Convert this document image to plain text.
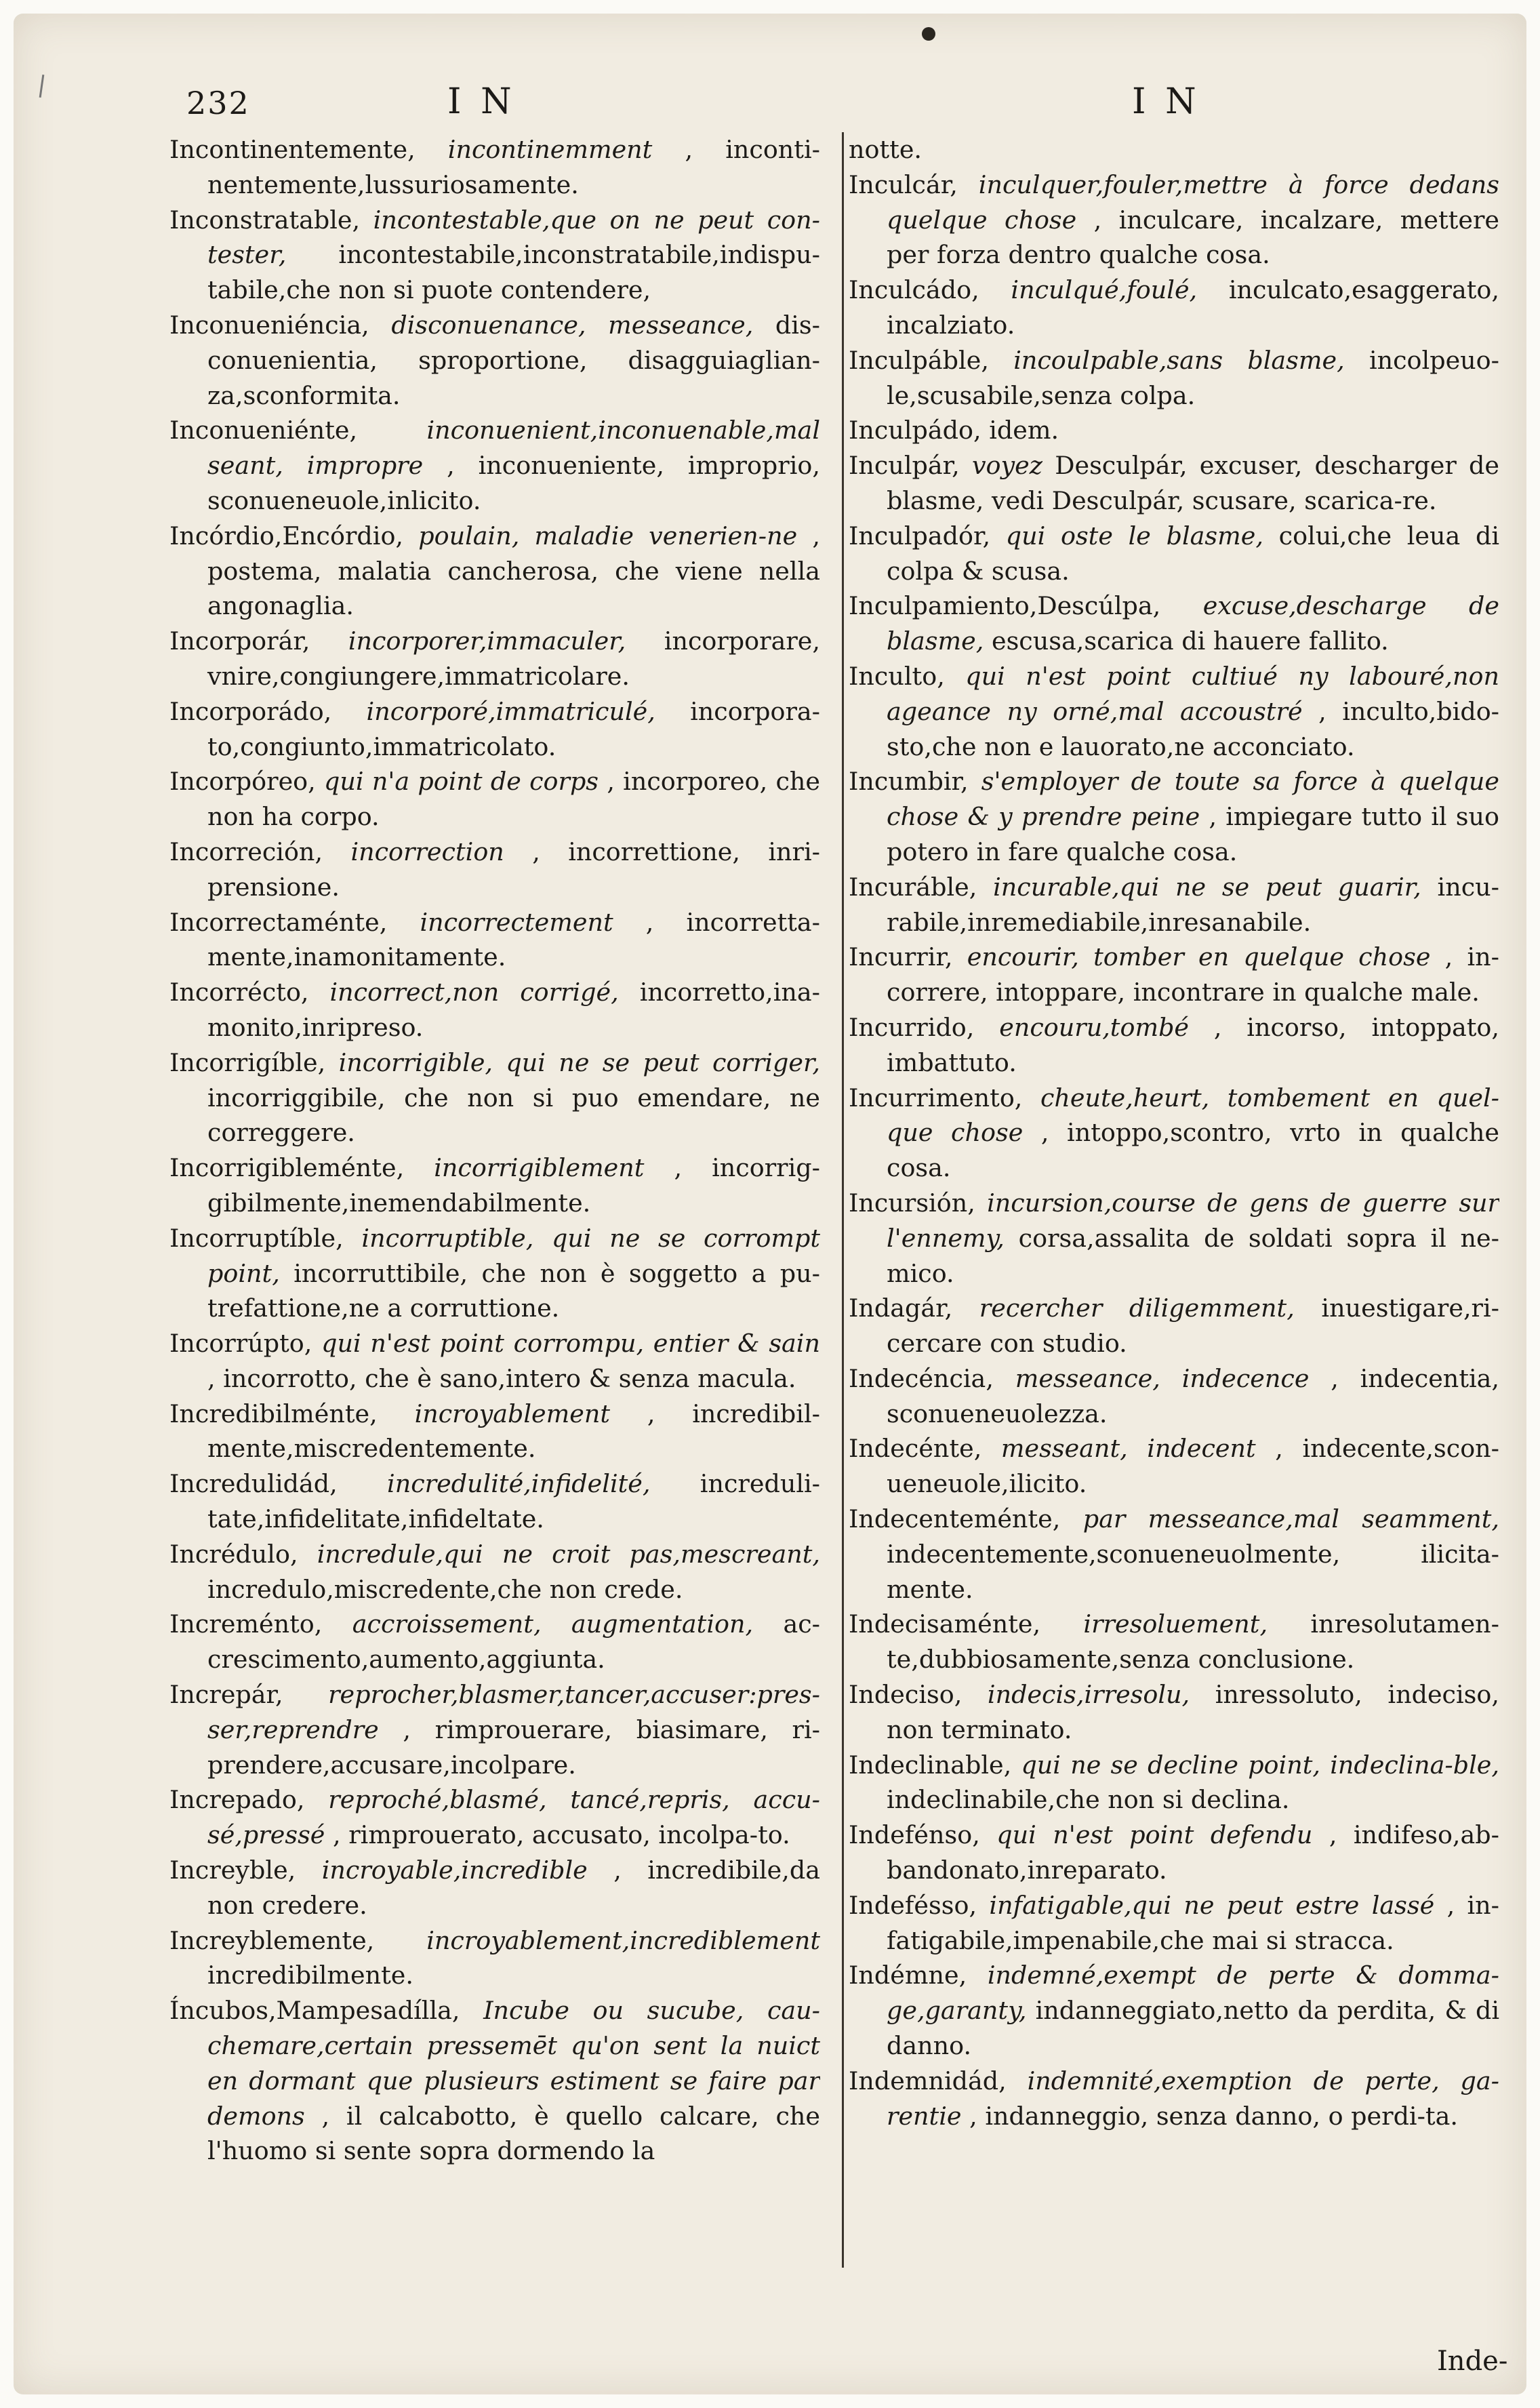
232	I N	I N

Incontinentemente, incontinemment , inconti-nentemente,lussuriosamente.

Inconstratable, incontestable,que on ne peut con-tester, incontestabile,inconstratabile,indispu-tabile,che non si puote contendere,

Inconueniéncia, disconuenance, messeance, dis-conuenientia, sproportione, disagguiaglian-za,sconformita.

Inconueniénte,	inconuenient,inconuenable,mal seant, impropre , inconueniente, improprio, sconueneuole,inlicito.

Incórdio,Encórdio, poulain, maladie venerien-ne , postema, malatia cancherosa, che viene nella angonaglia.

Incorporár, incorporer,immaculer, incorporare, vnire,congiungere,immatricolare.

Incorporádo, incorporé,immatriculé, incorpora-to,congiunto,immatricolato.

Incorpóreo, qui n'a point de corps , incorporeo, che non ha corpo.

Incorreción, incorrection , incorrettione, inri-prensione.

Incorrectaménte, incorrectement , incorretta-mente,inamonitamente.

Incorrécto, incorrect,non corrigé, incorretto,ina-monito,inripreso.

Incorrigíble, incorrigible, qui ne se peut corriger, incorriggibile, che non si puo emendare, ne correggere.

Incorrigibleménte, incorrigiblement , incorrig-gibilmente,inemendabilmente.

Incorruptíble, incorruptible, qui ne se corrompt point, incorruttibile, che non è soggetto a pu-trefattione,ne a corruttione.

Incorrúpto, qui n'est point corrompu, entier & sain , incorrotto, che è sano,intero & senza macula.

Incredibilménte, incroyablement , incredibil-mente,miscredentemente.

Incredulidád, incredulité,infidelité, increduli-tate,infidelitate,infideltate.

Incrédulo, incredule,qui ne croit pas,mescreant, incredulo,miscredente,che non crede.

Increménto, accroissement, augmentation, ac-crescimento,aumento,aggiunta.

Increpár, reprocher,blasmer,tancer,accuser:pres-ser,reprendre , rimprouerare, biasimare, ri-prendere,accusare,incolpare.

Increpado, reproché,blasmé, tancé,repris, accu-sé,pressé , rimprouerato, accusato, incolpa-to.

Increyble, incroyable,incredible , incredibile,da non credere.

Increyblemente, incroyablement,incrediblement incredibilmente.

Íncubos,Mampesadílla, Incube ou sucube, cau-chemare,certain pressemēt qu'on sent la nuict en dormant que plusieurs estiment se faire par demons , il calcabotto, è quello calcare, che l'huomo si sente sopra dormendo la

notte.

Inculcár, inculquer,fouler,mettre à force dedans quelque chose , inculcare, incalzare, mettere per forza dentro qualche cosa.

Inculcádo, inculqué,foulé, inculcato,esaggerato, incalziato.

Inculpáble, incoulpable,sans blasme, incolpeuo-le,scusabile,senza colpa.

Inculpádo, idem.

Inculpár, voyez Desculpár, excuser, descharger de blasme, vedi Desculpár, scusare, scarica-re.

Inculpadór, qui oste le blasme, colui,che leua di colpa & scusa.

Inculpamiento,Descúlpa, excuse,descharge de blasme, escusa,scarica di hauere fallito.

Inculto, qui n'est point cultiué ny labouré,non ageance ny orné,mal accoustré , inculto,bido-sto,che non e lauorato,ne acconciato.

Incumbir, s'employer de toute sa force à quelque chose & y prendre peine , impiegare tutto il suo potero in fare qualche cosa.

Incuráble, incurable,qui ne se peut guarir, incu-rabile,inremediabile,inresanabile.

Incurrir, encourir, tomber en quelque chose , in-correre, intoppare, incontrare in qualche male.

Incurrido, encouru,tombé , incorso, intoppato, imbattuto.

Incurrimento, cheute,heurt, tombement en quel-que chose , intoppo,scontro, vrto in qualche cosa.

Incursión, incursion,course de gens de guerre sur l'ennemy, corsa,assalita de soldati sopra il ne-mico.

Indagár, recercher diligemment, inuestigare,ri-cercare con studio.

Indecéncia, messeance, indecence , indecentia, sconueneuolezza.

Indecénte, messeant, indecent , indecente,scon-ueneuole,ilicito.

Indecenteménte, par messeance,mal seamment, indecentemente,sconueneuolmente, ilicita-mente.

Indecisaménte, irresoluement, inresolutamen-te,dubbiosamente,senza conclusione.

Indeciso, indecis,irresolu, inressoluto, indeciso, non terminato.

Indeclinable, qui ne se decline point, indeclina-ble, indeclinabile,che non si declina.

Indefénso, qui n'est point defendu , indifeso,ab-bandonato,inreparato.

Indefésso, infatigable,qui ne peut estre lassé , in-fatigabile,impenabile,che mai si stracca.

Indémne, indemné,exempt de perte & domma-ge,garanty, indanneggiato,netto da perdita, & di danno.

Indemnidád, indemnité,exemption de perte, ga-rentie , indanneggio, senza danno, o perdi-ta.

Inde-
